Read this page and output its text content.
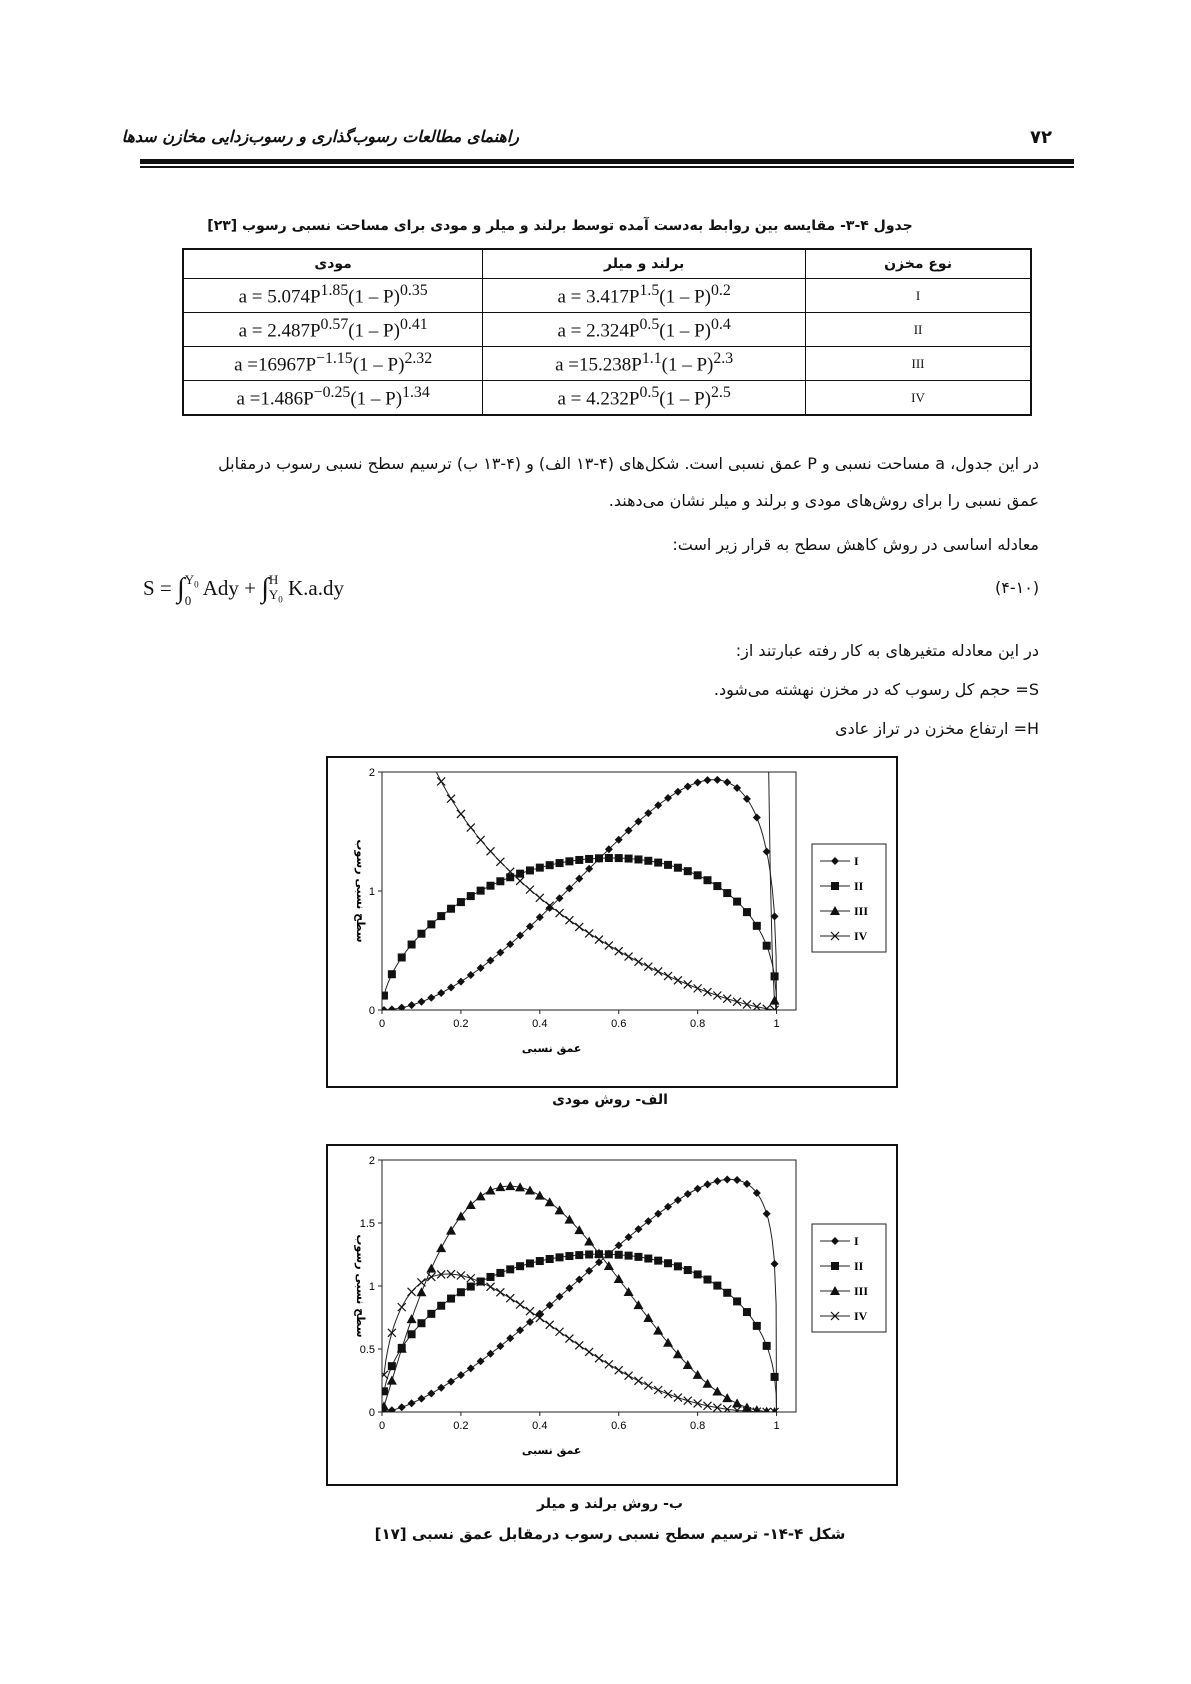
راهنمای مطالعات رسوب‌گذاری و رسوب‌زدایی مخازن سدها	۷۲
جدول ۴-۳- مقایسه بین روابط به‌دست آمده توسط برلند و میلر و مودی برای مساحت نسبی رسوب [۲۳]
مودی	برلند و میلر	نوع مخزن
$a = 5.074P^{1.85}(1 - P)^{0.35}$	$a = 3.417P^{1.5}(1 - P)^{0.2}$	I
$a = 2.487P^{0.57}(1 - P)^{0.41}$	$a = 2.324P^{0.5}(1 - P)^{0.4}$	II
$a =16967P^{-1.15}(1 - P)^{2.32}$	$a =15.238P^{1.1}(1 - P)^{2.3}$	III
$a =1.486P^{-0.25}(1 - P)^{1.34}$	$a = 4.232P^{0.5}(1 - P)^{2.5}$	IV
در این جدول، a مساحت نسبی و P عمق نسبی است. شکل‌های (۴-۱۳ الف) و (۴-۱۳ ب) ترسیم سطح نسبی رسوب درمقابل
عمق نسبی را برای روش‌های مودی و برلند و میلر نشان می‌دهند.
معادله اساسی در روش کاهش سطح به قرار زیر است:
$S = \int Y_0$
0 Ady + ∫H
$Y_0$ K.a.dy	(۴-۱۰)
در این معادله متغیرهای به کار رفته عبارتند از:
S= حجم کل رسوب که در مخزن نهشته می‌شود.
H= ارتفاع مخزن در تراز عادی
0
1
2
0	0.2	0.4	0.6	0.8	1
عمق نسبی
سطح نسبی رسوب	I
II
III
IV
الف- روش مودی
0
0.5
1
1.5
2
0	0.2	0.4	0.6	0.8	1
عمق نسبی
سطح نسبی رسوب	I
II
III
IV
ب- روش برلند و میلر
شکل ۴-۱۴- ترسیم سطح نسبی رسوب درمقابل عمق نسبی [۱۷]
